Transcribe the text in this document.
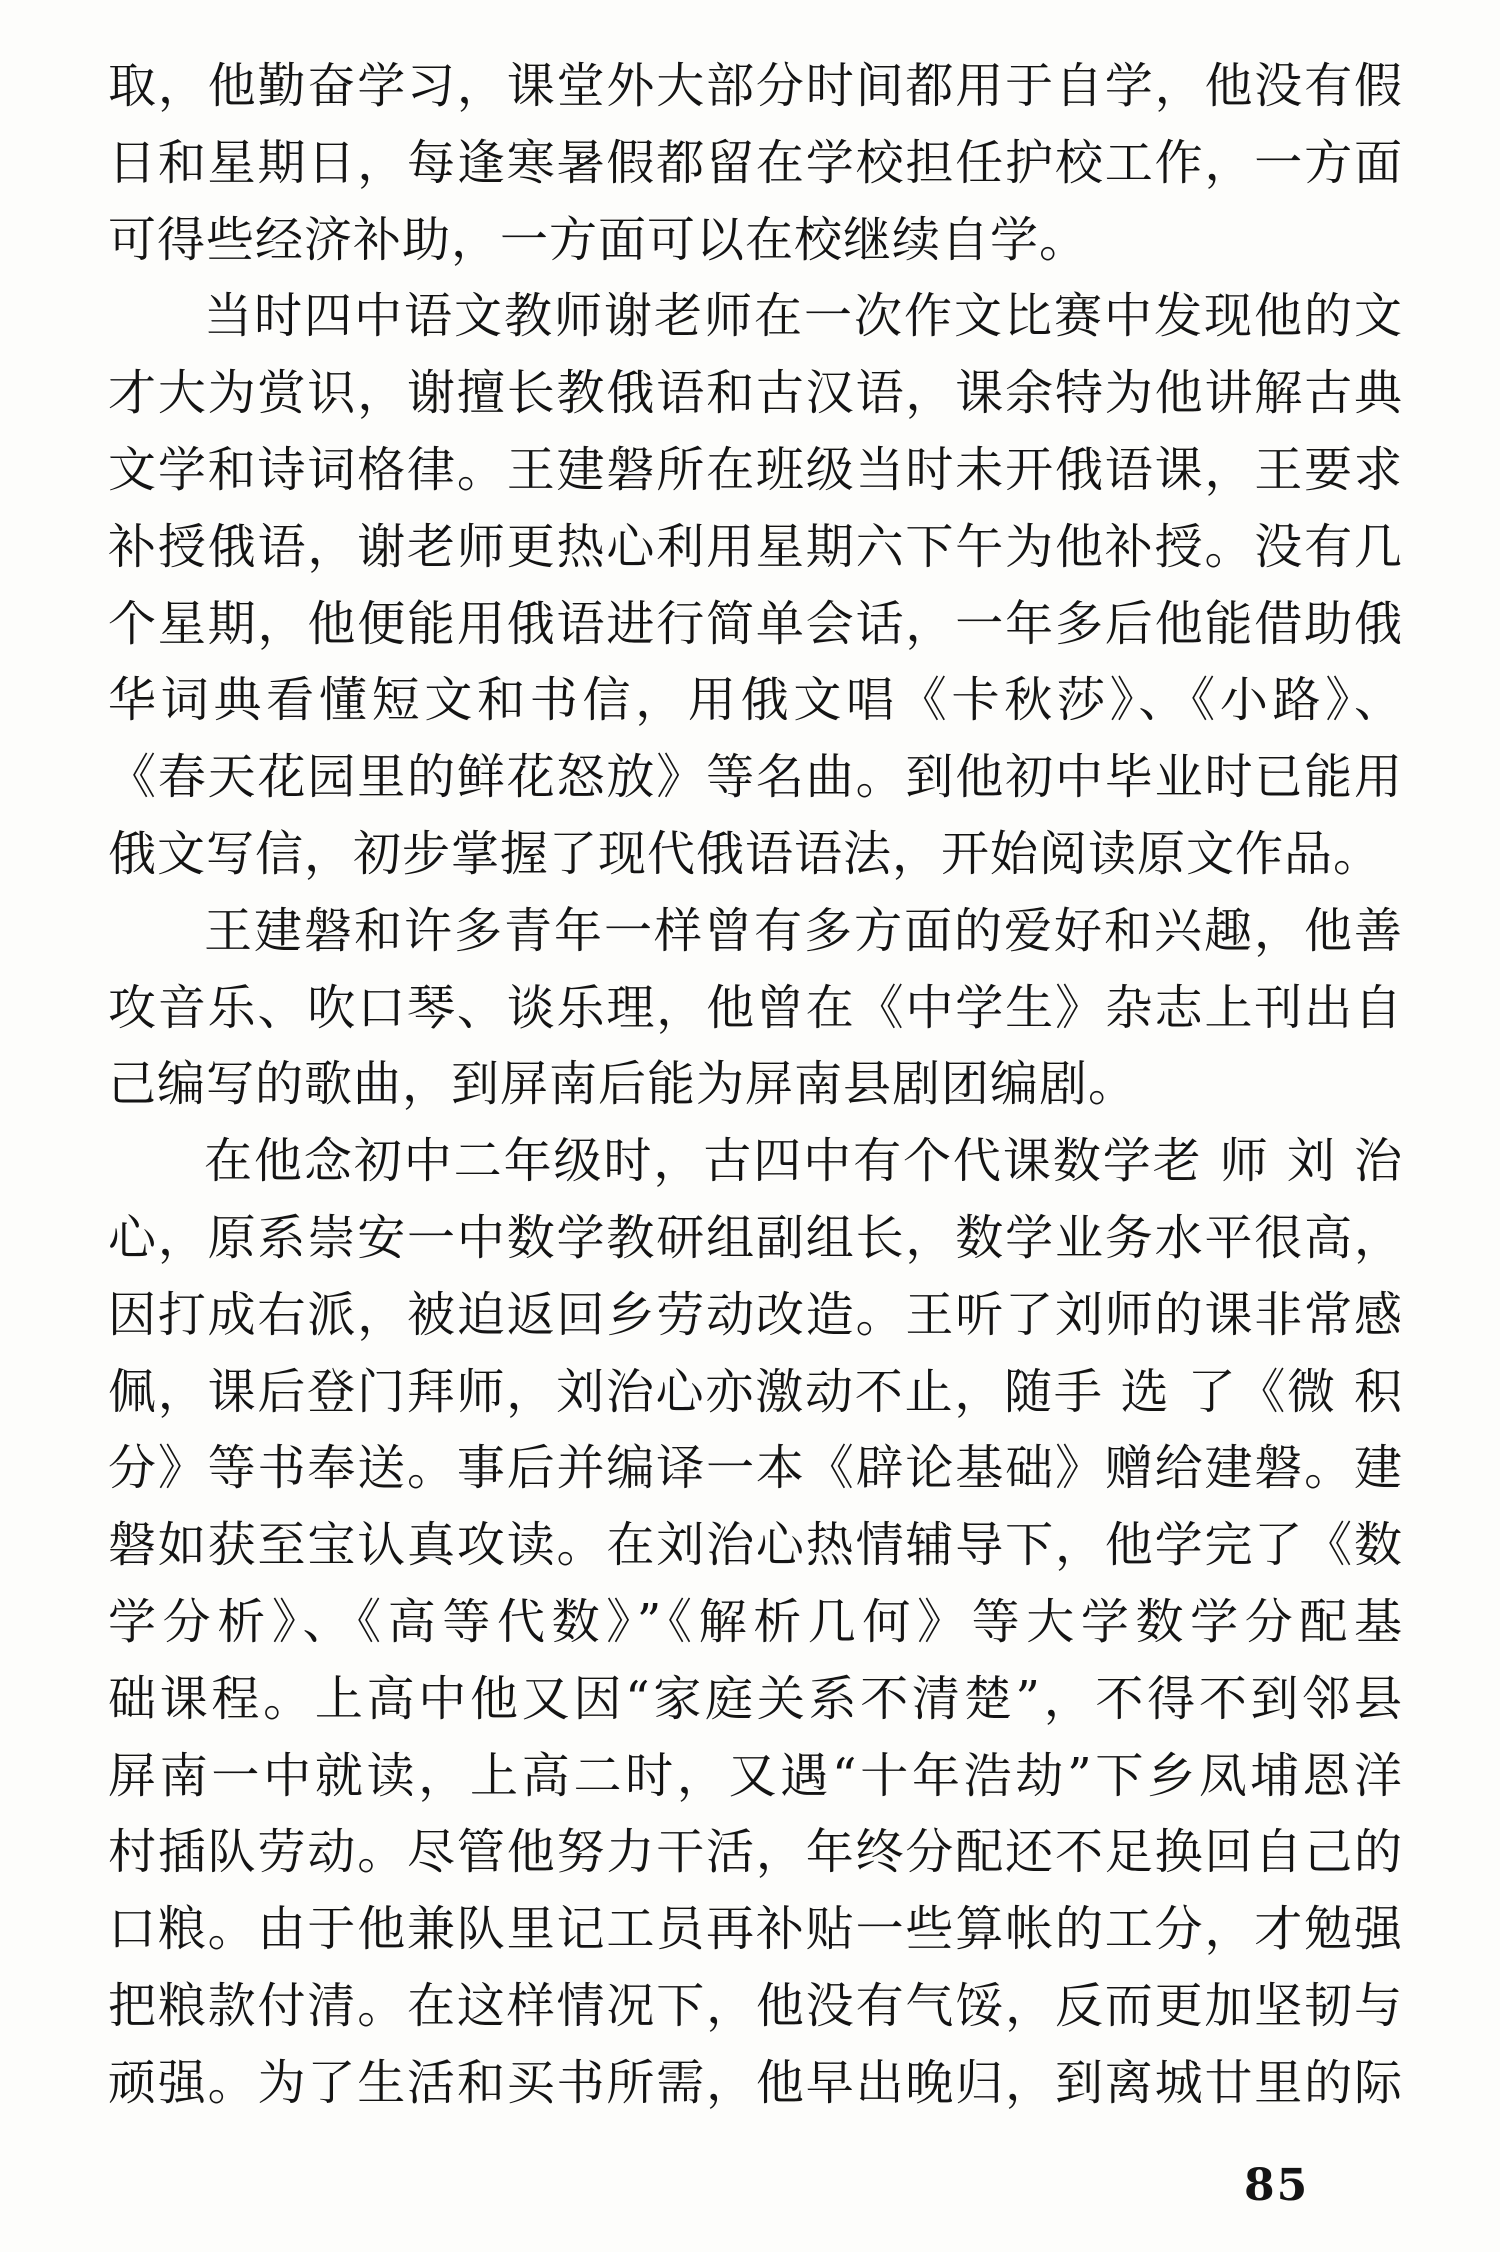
取，他勤奋学习，课堂外大部分时间都用于自学，他没有假
日和星期日，每逢寒暑假都留在学校担任护校工作，一方面
可得些经济补助，一方面可以在校继续自学。
当时四中语文教师谢老师在一次作文比赛中发现他的文
才大为赏识，谢擅长教俄语和古汉语，课余特为他讲解古典
文学和诗词格律。王建磐所在班级当时未开俄语课，王要求
补授俄语，谢老师更热心利用星期六下午为他补授。没有几
个星期，他便能用俄语进行简单会话，一年多后他能借助俄
华词典看懂短文和书信，用俄文唱《卡秋莎》、《小路》、
《春天花园里的鲜花怒放》等名曲。到他初中毕业时已能用
俄文写信，初步掌握了现代俄语语法，开始阅读原文作品。
王建磐和许多青年一样曾有多方面的爱好和兴趣，他善
攻音乐、吹口琴、谈乐理，他曾在《中学生》杂志上刊出自
己编写的歌曲，到屏南后能为屏南县剧团编剧。
在他念初中二年级时，古四中有个代课数学老 师 刘 治
心，原系崇安一中数学教研组副组长，数学业务水平很高，
因打成右派，被迫返回乡劳动改造。王听了刘师的课非常感
佩，课后登门拜师，刘治心亦激动不止，随手 选 了《微 积
分》等书奉送。事后并编译一本《辟论基础》赠给建磐。建
磐如获至宝认真攻读。在刘治心热情辅导下，他学完了《数
学分析》、《高等代数》”《解析几何》等大学数学分配基
础课程。上高中他又因“家庭关系不清楚”，不得不到邻县
屏南一中就读，上高二时，又遇“十年浩劫”下乡凤埔恩洋
村插队劳动。尽管他努力干活，年终分配还不足换回自己的
口粮。由于他兼队里记工员再补贴一些算帐的工分，才勉强
把粮款付清。在这样情况下，他没有气馁，反而更加坚韧与
顽强。为了生活和买书所需，他早出晚归，到离城廿里的际
85
